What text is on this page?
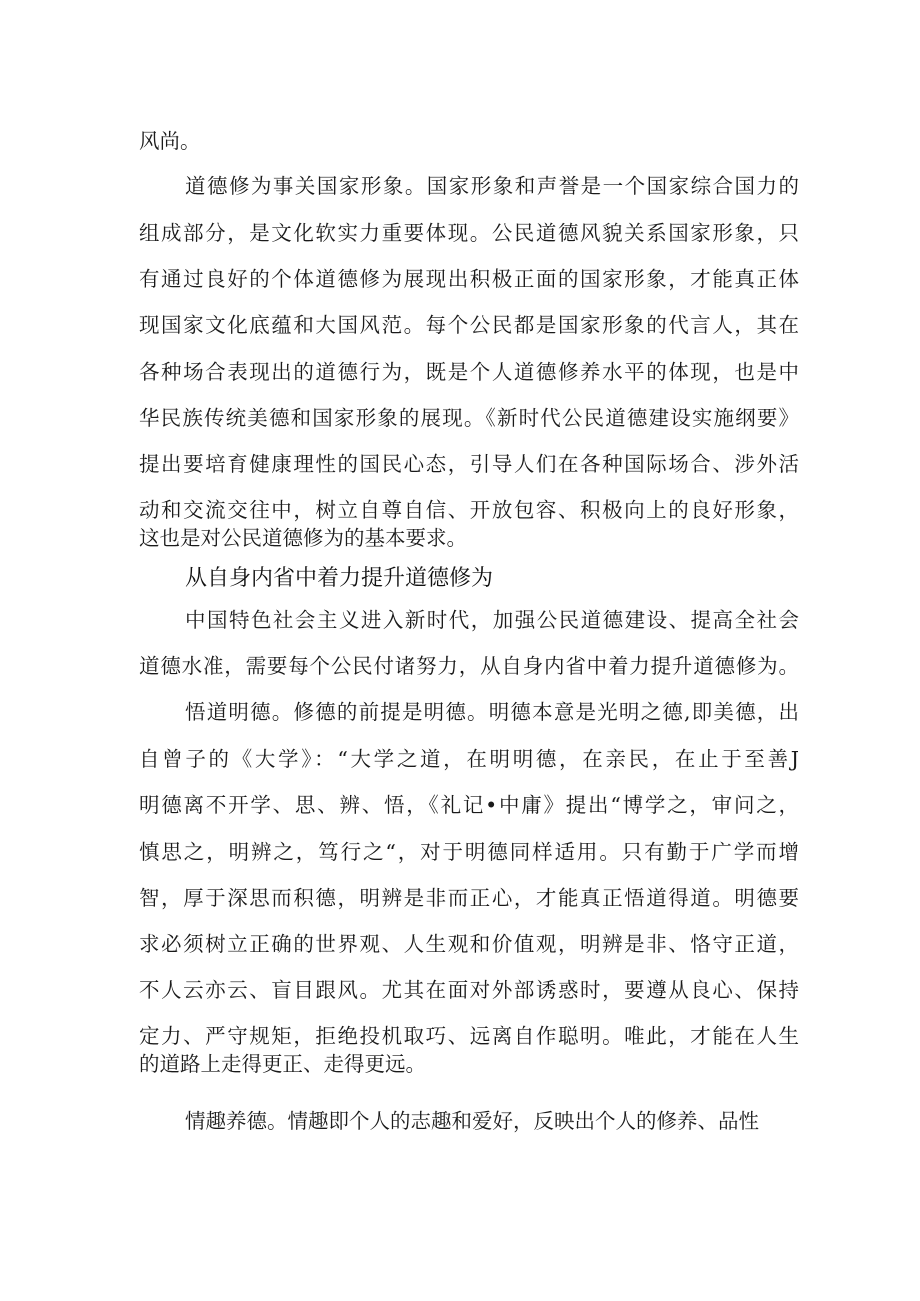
风尚。
道德修为事关国家形象。国家形象和声誉是一个国家综合国力的
组成部分，是文化软实力重要体现。公民道德风貌关系国家形象，只
有通过良好的个体道德修为展现出积极正面的国家形象，才能真正体
现国家文化底蕴和大国风范。每个公民都是国家形象的代言人，其在
各种场合表现出的道德行为，既是个人道德修养水平的体现，也是中
华民族传统美德和国家形象的展现。《新时代公民道德建设实施纲要》
提出要培育健康理性的国民心态，引导人们在各种国际场合、涉外活
动和交流交往中，树立自尊自信、开放包容、积极向上的良好形象，
这也是对公民道德修为的基本要求。
从自身内省中着力提升道德修为
中国特色社会主义进入新时代，加强公民道德建设、提高全社会
道德水准，需要每个公民付诸努力，从自身内省中着力提升道德修为。
悟道明德。修德的前提是明德。明德本意是光明之德,即美德，出
自曾子的《大学》：“大学之道，在明明德，在亲民，在止于至善J
明德离不开学、思、辨、悟，《礼记•中庸》提出“博学之，审问之，
慎思之，明辨之，笃行之“，对于明德同样适用。只有勤于广学而增
智，厚于深思而积德，明辨是非而正心，才能真正悟道得道。明德要
求必须树立正确的世界观、人生观和价值观，明辨是非、恪守正道，
不人云亦云、盲目跟风。尤其在面对外部诱惑时，要遵从良心、保持
定力、严守规矩，拒绝投机取巧、远离自作聪明。唯此，才能在人生
的道路上走得更正、走得更远。
情趣养德。情趣即个人的志趣和爱好，反映出个人的修养、品性
